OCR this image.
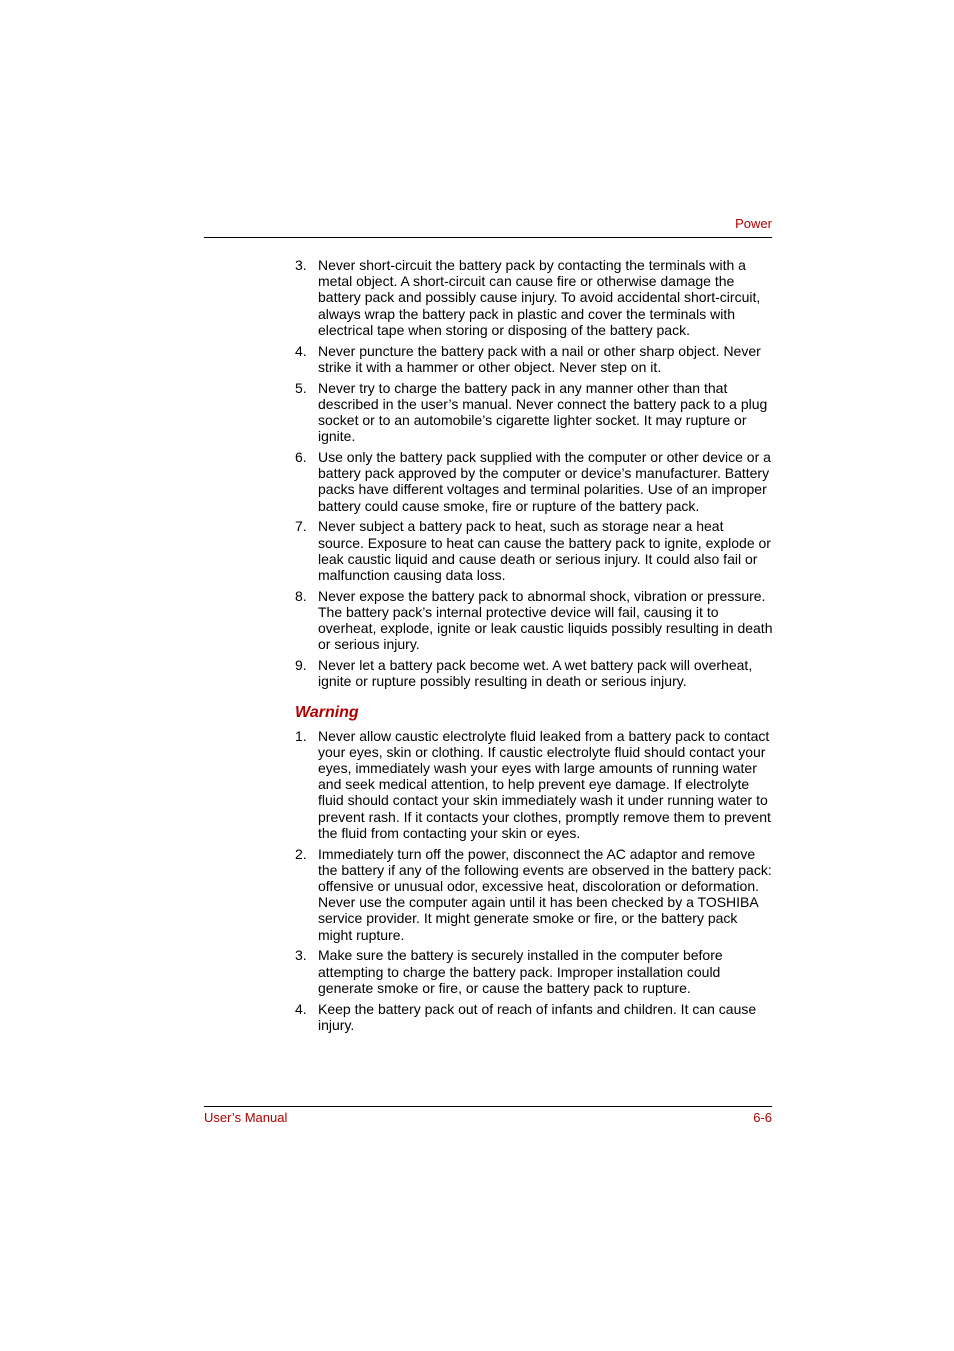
Power
3. Never short-circuit the battery pack by contacting the terminals with a metal object. A short-circuit can cause fire or otherwise damage the battery pack and possibly cause injury. To avoid accidental short-circuit, always wrap the battery pack in plastic and cover the terminals with electrical tape when storing or disposing of the battery pack.
4. Never puncture the battery pack with a nail or other sharp object. Never strike it with a hammer or other object. Never step on it.
5. Never try to charge the battery pack in any manner other than that described in the user’s manual. Never connect the battery pack to a plug socket or to an automobile’s cigarette lighter socket. It may rupture or ignite.
6. Use only the battery pack supplied with the computer or other device or a battery pack approved by the computer or device’s manufacturer. Battery packs have different voltages and terminal polarities. Use of an improper battery could cause smoke, fire or rupture of the battery pack.
7. Never subject a battery pack to heat, such as storage near a heat source. Exposure to heat can cause the battery pack to ignite, explode or leak caustic liquid and cause death or serious injury. It could also fail or malfunction causing data loss.
8. Never expose the battery pack to abnormal shock, vibration or pressure. The battery pack’s internal protective device will fail, causing it to overheat, explode, ignite or leak caustic liquids possibly resulting in death or serious injury.
9. Never let a battery pack become wet. A wet battery pack will overheat, ignite or rupture possibly resulting in death or serious injury.
Warning
1. Never allow caustic electrolyte fluid leaked from a battery pack to contact your eyes, skin or clothing. If caustic electrolyte fluid should contact your eyes, immediately wash your eyes with large amounts of running water and seek medical attention, to help prevent eye damage. If electrolyte fluid should contact your skin immediately wash it under running water to prevent rash. If it contacts your clothes, promptly remove them to prevent the fluid from contacting your skin or eyes.
2. Immediately turn off the power, disconnect the AC adaptor and remove the battery if any of the following events are observed in the battery pack: offensive or unusual odor, excessive heat, discoloration or deformation. Never use the computer again until it has been checked by a TOSHIBA service provider. It might generate smoke or fire, or the battery pack might rupture.
3. Make sure the battery is securely installed in the computer before attempting to charge the battery pack. Improper installation could generate smoke or fire, or cause the battery pack to rupture.
4. Keep the battery pack out of reach of infants and children. It can cause injury.
User’s Manual	6-6
